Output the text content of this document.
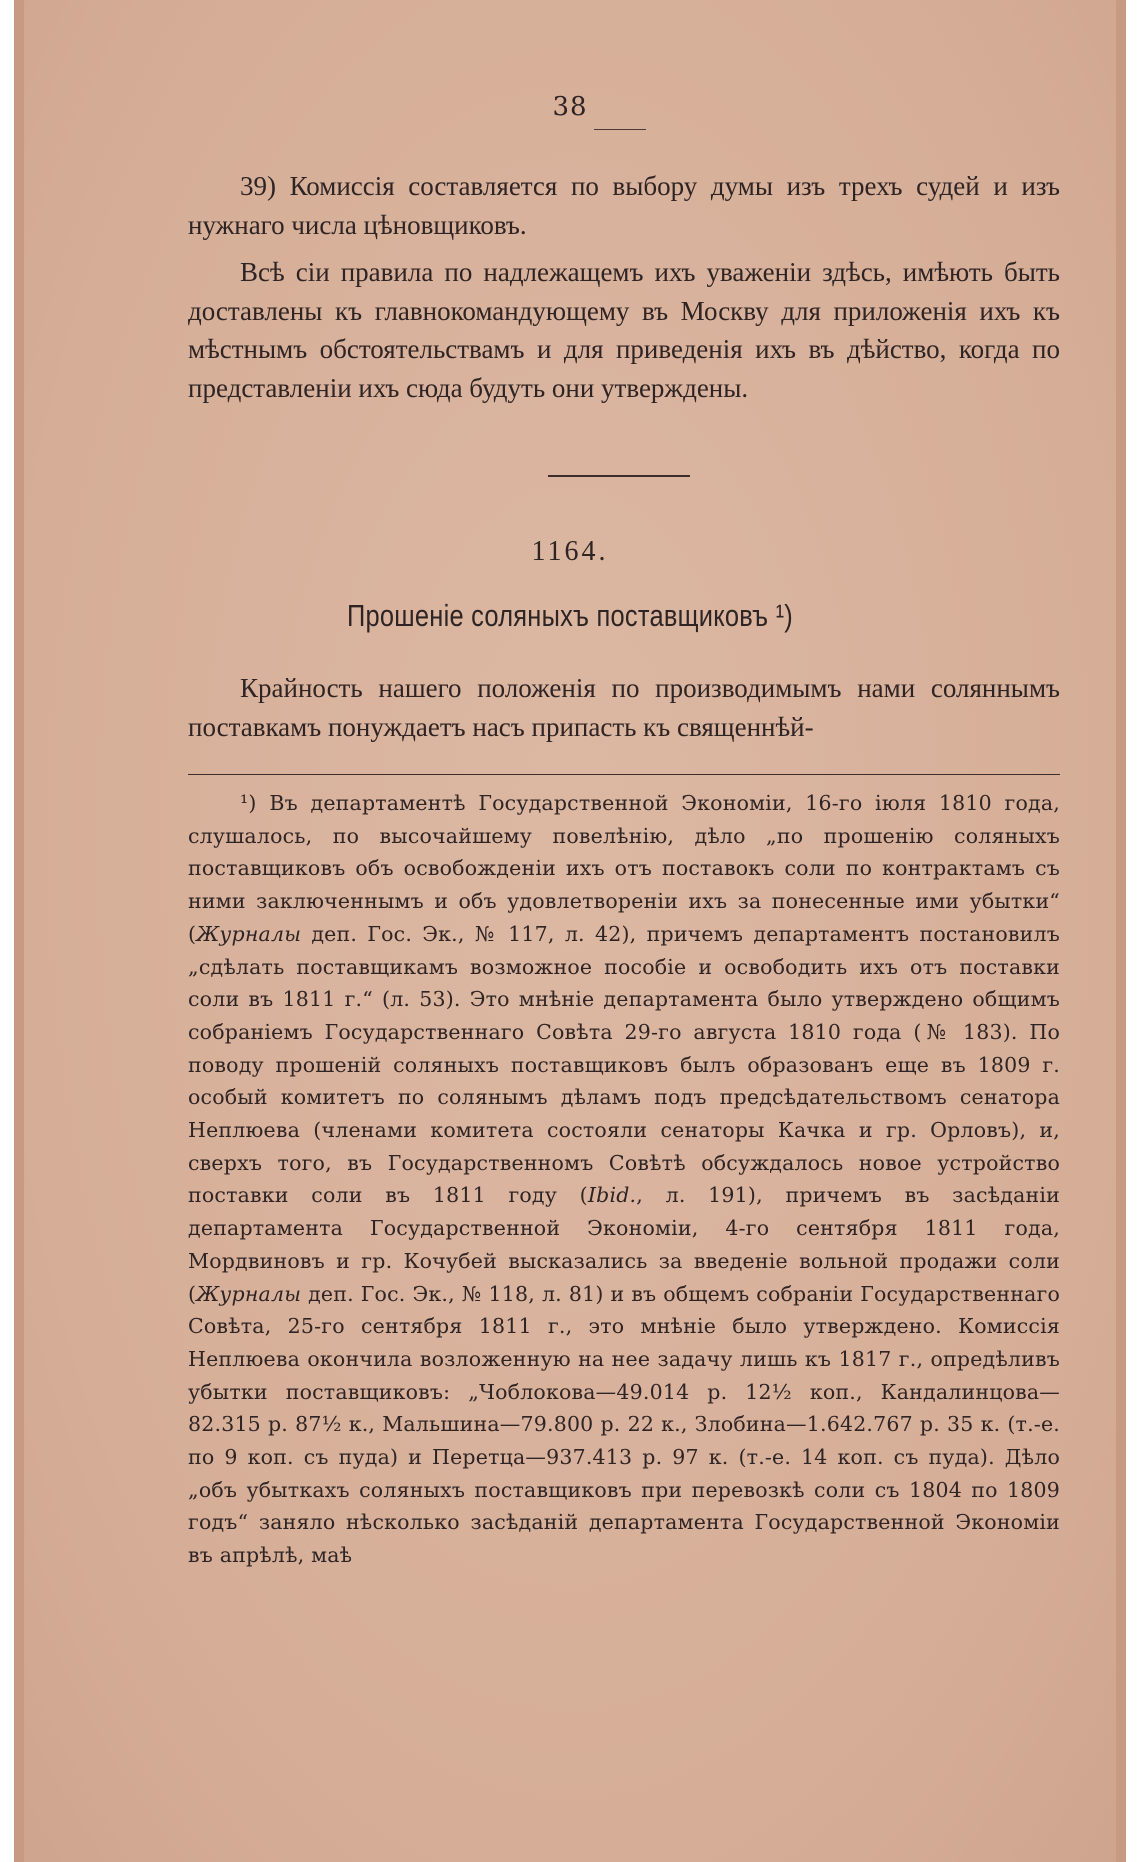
38
39) Комиссія составляется по выбору думы изъ трехъ судей и изъ нужнаго числа цѣновщиковъ.
Всѣ сіи правила по надлежащемъ ихъ уваженіи здѣсь, имѣють быть доставлены къ главнокомандующему въ Москву для приложенія ихъ къ мѣстнымъ обстоятельствамъ и для приведенія ихъ въ дѣйство, когда по представленіи ихъ сюда будуть они утверждены.
1164.
Прошеніе соляныхъ поставщиковъ ¹)
Крайность нашего положенія по производимымъ нами соляннымъ поставкамъ понуждаетъ насъ припасть къ священнѣй-
¹) Въ департаментѣ Государственной Экономіи, 16-го іюля 1810 года, слушалось, по высочайшему повелѣнію, дѣло „по прошенію соляныхъ поставщиковъ объ освобожденіи ихъ отъ поставокъ соли по контрактамъ съ ними заключеннымъ и объ удовлетвореніи ихъ за понесенные ими убытки“ (Журналы деп. Гос. Эк., № 117, л. 42), причемъ департаментъ постановилъ „сдѣлать поставщикамъ возможное пособіе и освободить ихъ отъ поставки соли въ 1811 г.“ (л. 53). Это мнѣніе департамента было утверждено общимъ собраніемъ Государственнаго Совѣта 29-го августа 1810 года (№ 183). По поводу прошеній соляныхъ поставщиковъ былъ образованъ еще въ 1809 г. особый комитетъ по солянымъ дѣламъ подъ предсѣдательствомъ сенатора Неплюева (членами комитета состояли сенаторы Качка и гр. Орловъ), и, сверхъ того, въ Государственномъ Совѣтѣ обсуждалось новое устройство поставки соли въ 1811 году (Ibid., л. 191), причемъ въ засѣданіи департамента Государственной Экономіи, 4-го сентября 1811 года, Мордвиновъ и гр. Кочубей высказались за введеніе вольной продажи соли (Журналы деп. Гос. Эк., № 118, л. 81) и въ общемъ собраніи Государственнаго Совѣта, 25-го сентября 1811 г., это мнѣніе было утверждено. Комиссія Неплюева окончила возложенную на нее задачу лишь къ 1817 г., опредѣливъ убытки поставщиковъ: „Чоблокова—49.014 р. 12½ коп., Кандалинцова—82.315 р. 87½ к., Мальшина—79.800 р. 22 к., Злобина—1.642.767 р. 35 к. (т.-е. по 9 коп. съ пуда) и Перетца—937.413 р. 97 к. (т.-е. 14 коп. съ пуда). Дѣло „объ убыткахъ соляныхъ поставщиковъ при перевозкѣ соли съ 1804 по 1809 годъ“ заняло нѣсколько засѣданій департамента Государственной Экономіи въ апрѣлѣ, маѣ
